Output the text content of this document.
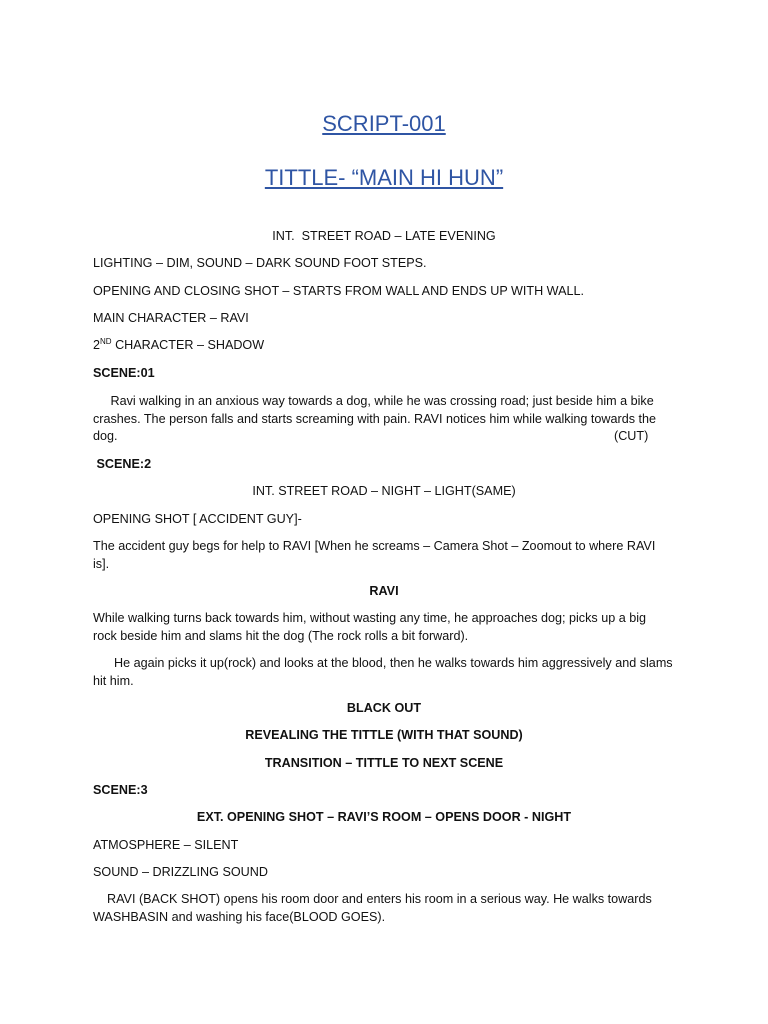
SCRIPT-001
TITTLE- “MAIN HI HUN”
INT.  STREET ROAD – LATE EVENING
LIGHTING – DIM, SOUND – DARK SOUND FOOT STEPS.
OPENING AND CLOSING SHOT – STARTS FROM WALL AND ENDS UP WITH WALL.
MAIN CHARACTER – RAVI
2ND CHARACTER – SHADOW
SCENE:01
Ravi walking in an anxious way towards a dog, while he was crossing road; just beside him a bike crashes. The person falls and starts screaming with pain. RAVI notices him while walking towards the dog.	(CUT)
SCENE:2
INT. STREET ROAD – NIGHT – LIGHT(SAME)
OPENING SHOT [ ACCIDENT GUY]-
The accident guy begs for help to RAVI [When he screams – Camera Shot – Zoomout to where RAVI is].
RAVI
While walking turns back towards him, without wasting any time, he approaches dog; picks up a big rock beside him and slams hit the dog (The rock rolls a bit forward).
He again picks it up(rock) and looks at the blood, then he walks towards him aggressively and slams hit him.
BLACK OUT
REVEALING THE TITTLE (WITH THAT SOUND)
TRANSITION – TITTLE TO NEXT SCENE
SCENE:3
EXT. OPENING SHOT – RAVI’S ROOM – OPENS DOOR - NIGHT
ATMOSPHERE – SILENT
SOUND – DRIZZLING SOUND
RAVI (BACK SHOT) opens his room door and enters his room in a serious way. He walks towards WASHBASIN and washing his face(BLOOD GOES).
